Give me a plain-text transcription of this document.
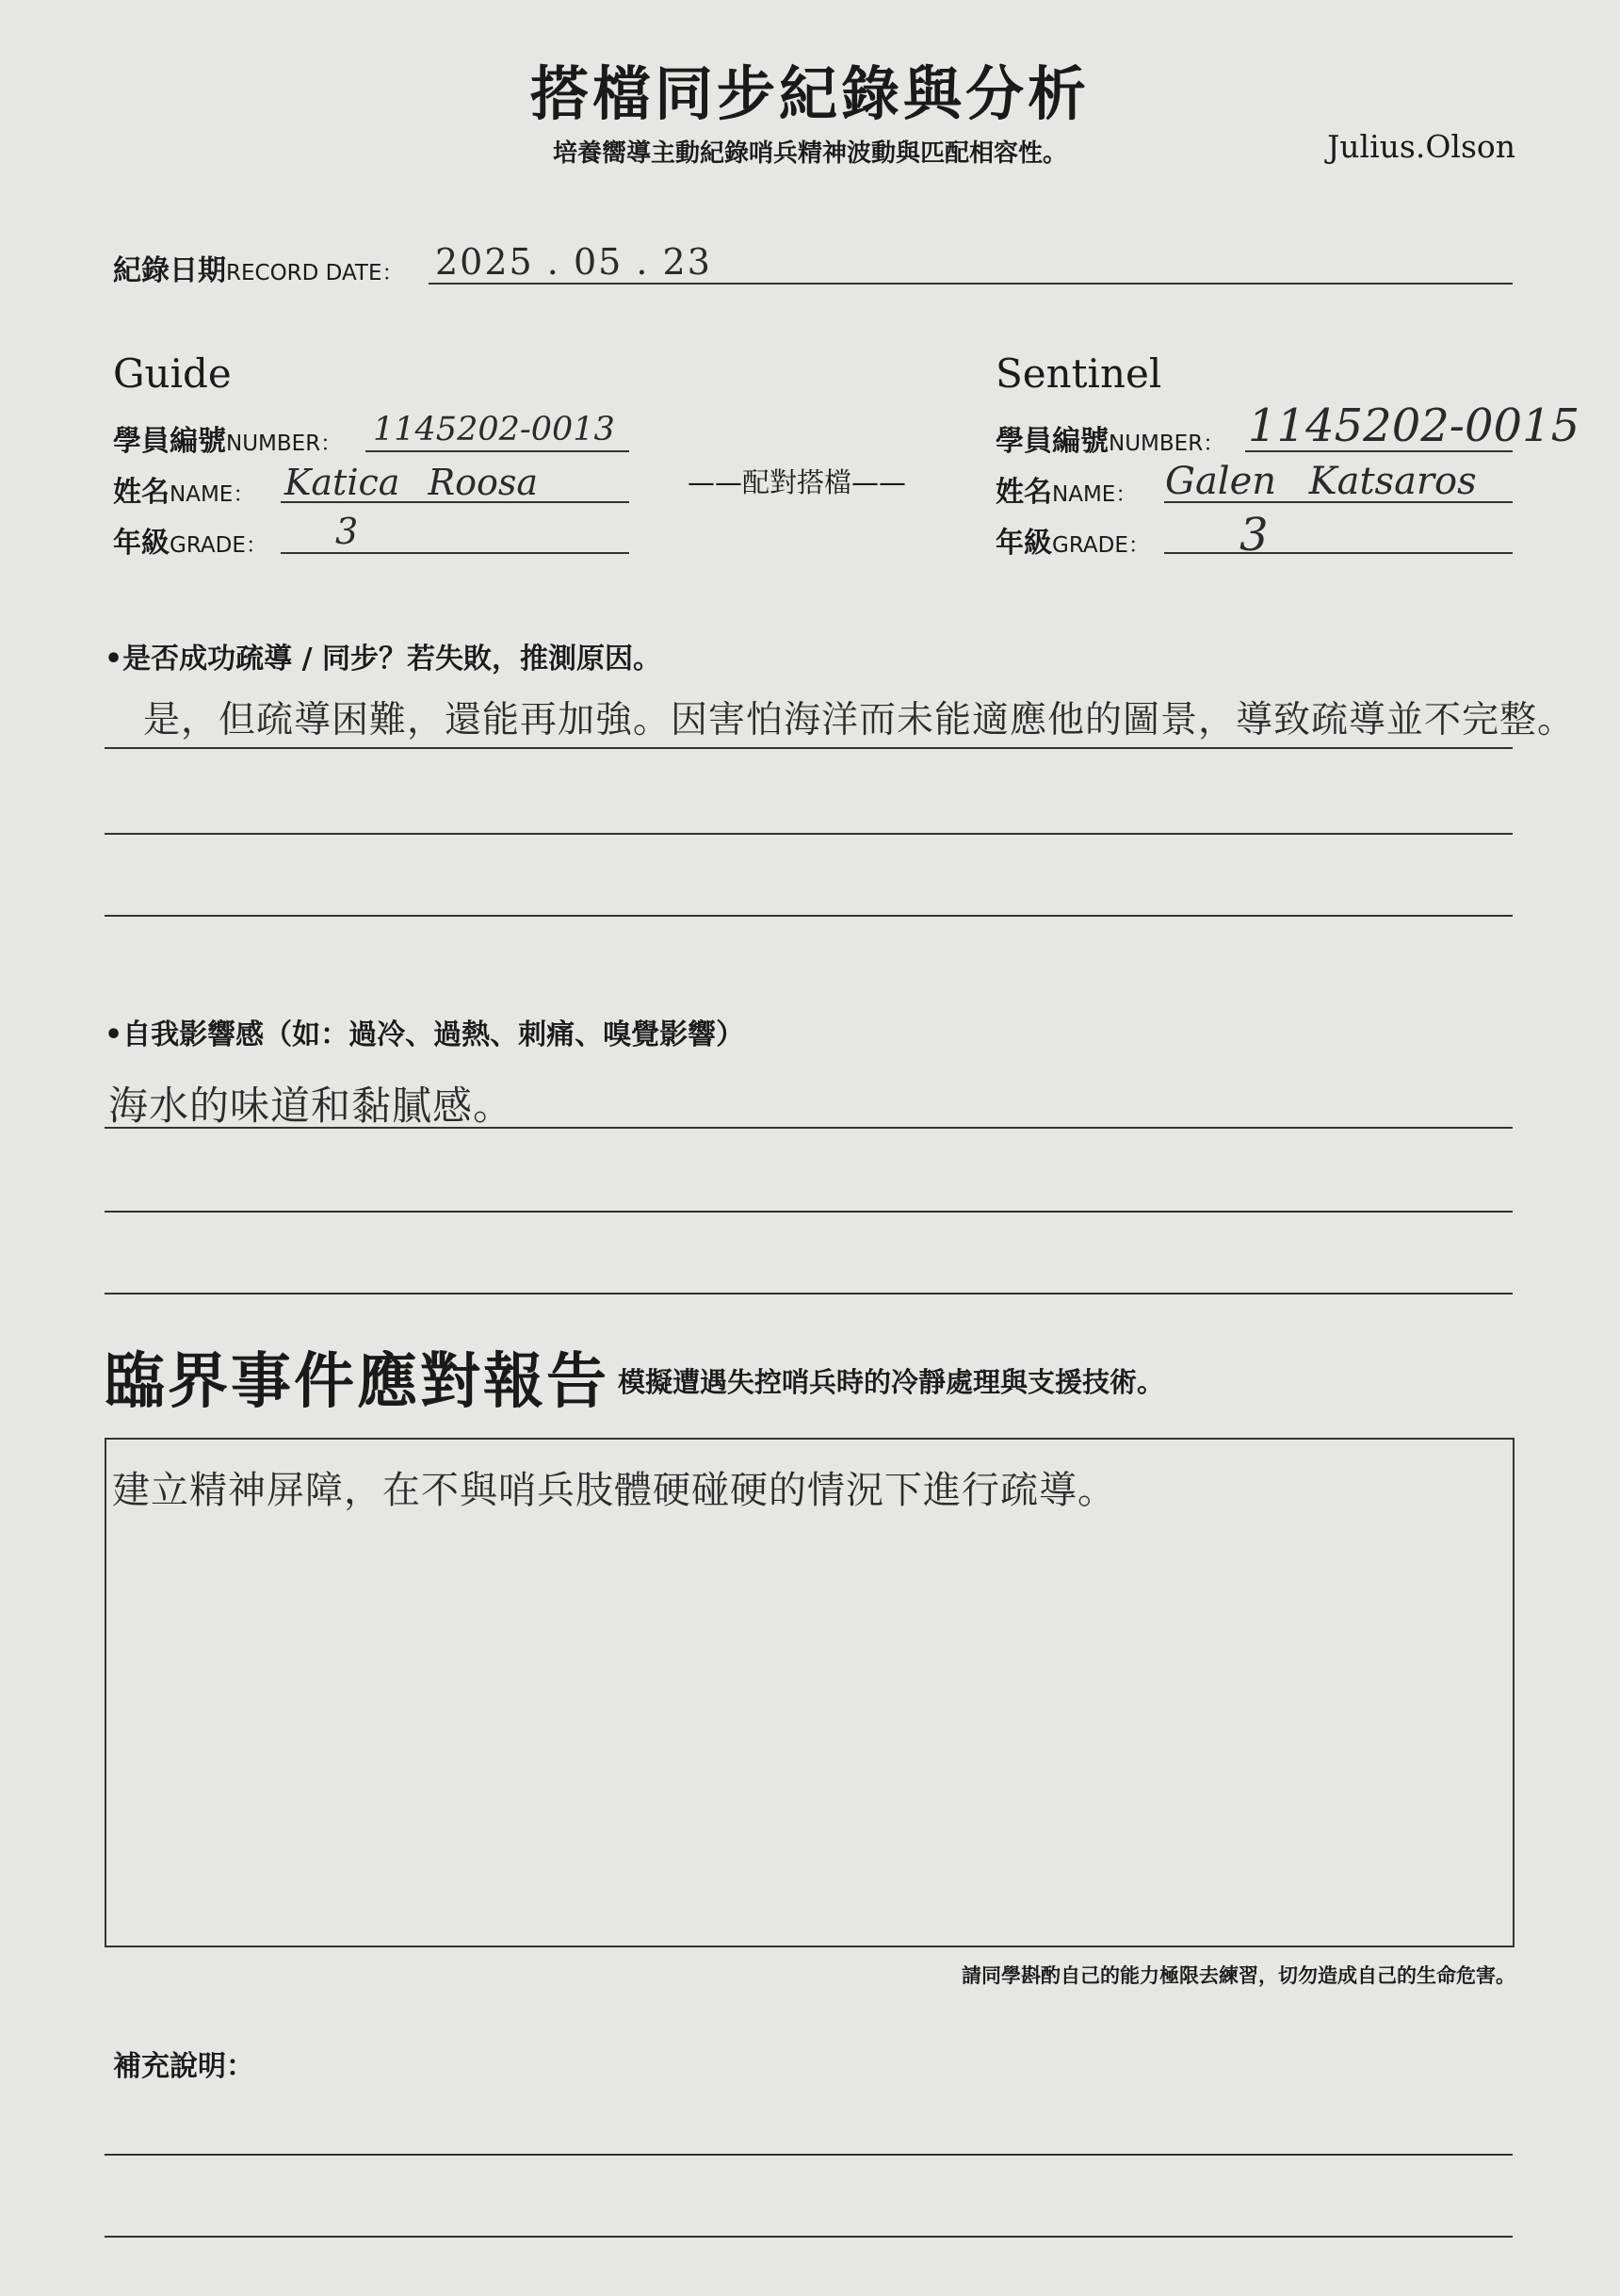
搭檔同步紀錄與分析
培養嚮導主動紀錄哨兵精神波動與匹配相容性。	Julius.Olson
紀錄日期RECORD DATE： 2025 . 05 . 23
Guide
學員編號NUMBER： 1145202-0013
姓名NAME： Katica Roosa
年級GRADE： 3
——配對搭檔——
Sentinel
學員編號NUMBER： 1145202-0015
姓名NAME： Galen Katsaros
年級GRADE： 3
•是否成功疏導 / 同步？若失敗，推測原因。
是，但疏導困難，還能再加強。因害怕海洋而未能適應他的圖景，導致疏導並不完整。
•自我影響感（如：過冷、過熱、刺痛、嗅覺影響）
海水的味道和黏膩感。
臨界事件應對報告 模擬遭遇失控哨兵時的冷靜處理與支援技術。
建立精神屏障，在不與哨兵肢體硬碰硬的情況下進行疏導。
請同學斟酌自己的能力極限去練習，切勿造成自己的生命危害。
補充說明：
